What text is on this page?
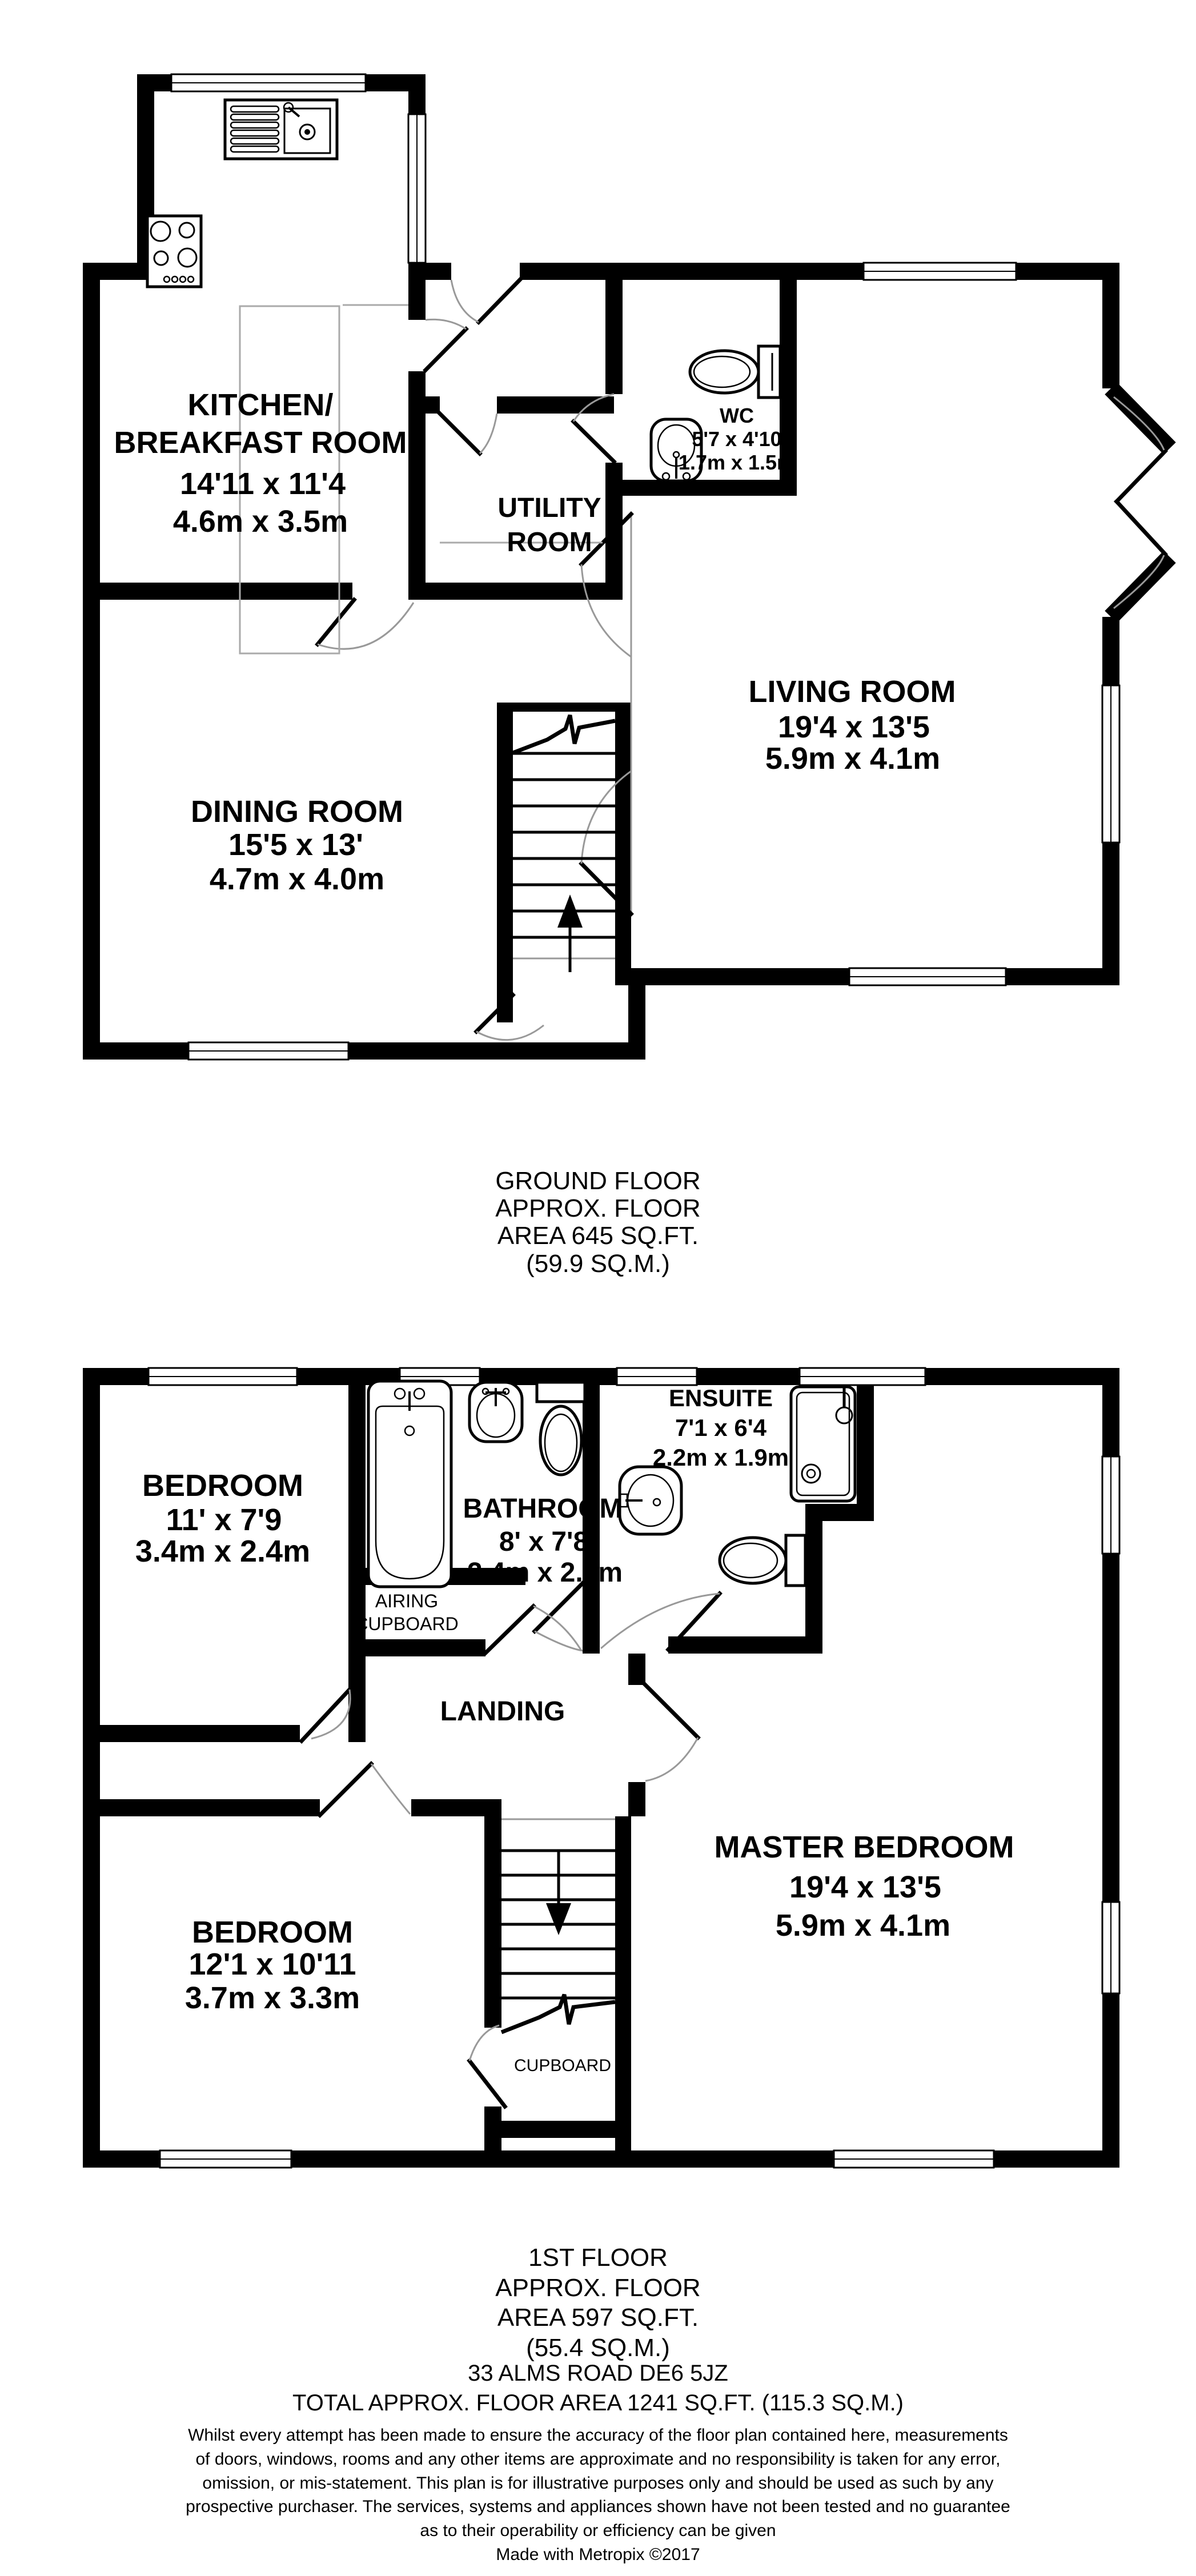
KITCHEN/
BREAKFAST ROOM
14'11 x 11'4
4.6m x 3.5m	UTILITY
ROOM
WC
5'7 x 4'10
1.7m x 1.5m
LIVING ROOM
19'4 x 13'5
5.9m x 4.1m
DINING ROOM
15'5 x 13'
4.7m x 4.0m
GROUND FLOOR
APPROX. FLOOR
AREA 645 SQ.FT.
(59.9 SQ.M.)
BEDROOM
11' x 7'9
3.4m x 2.4m
BATHROOM
8' x 7'8
2.4m x 2.3m
ENSUITE
7'1 x 6'4
2.2m x 1.9m
AIRING
CUPBOARD
LANDING
BEDROOM
12'1 x 10'11
3.7m x 3.3m
MASTER BEDROOM
19'4 x 13'5
5.9m x 4.1m
CUPBOARD
1ST FLOOR
APPROX. FLOOR
AREA 597 SQ.FT.
(55.4 SQ.M.)
33 ALMS ROAD DE6 5JZ
TOTAL APPROX. FLOOR AREA 1241 SQ.FT. (115.3 SQ.M.)
Whilst every attempt has been made to ensure the accuracy of the floor plan contained here, measurements
of doors, windows, rooms and any other items are approximate and no responsibility is taken for any error,
omission, or mis-statement. This plan is for illustrative purposes only and should be used as such by any
prospective purchaser. The services, systems and appliances shown have not been tested and no guarantee
as to their operability or efficiency can be given
Made with Metropix ©2017
